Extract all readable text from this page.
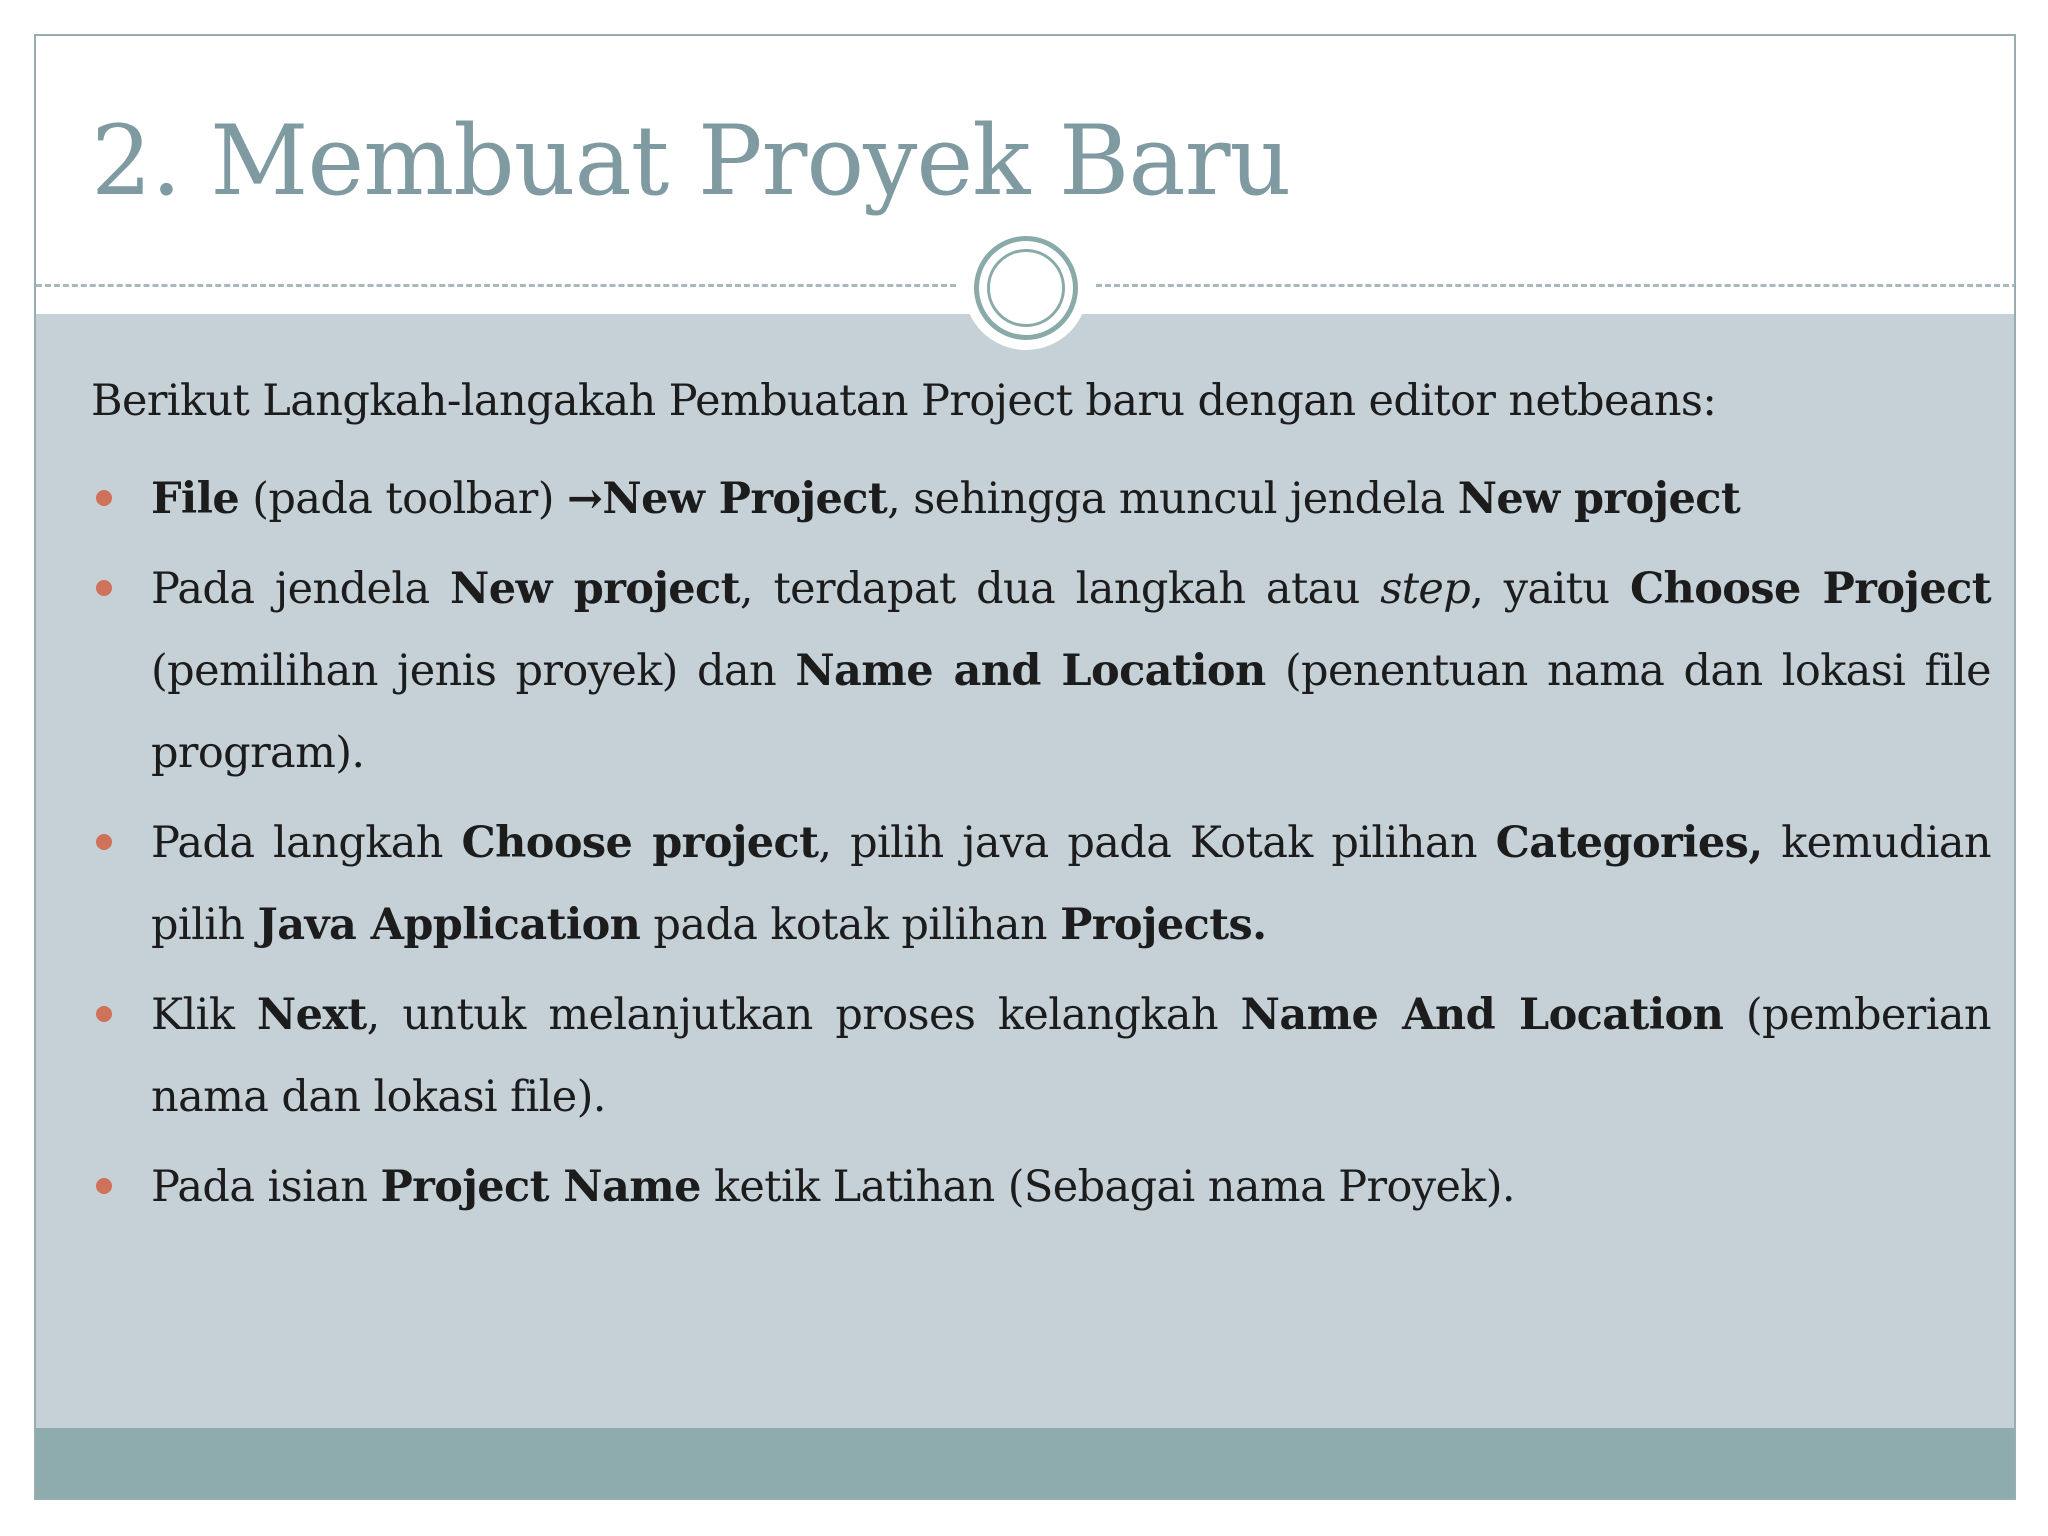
2. Membuat Proyek Baru

Berikut Langkah-langakah Pembuatan Project baru dengan editor netbeans:

File (pada toolbar) →New Project, sehingga muncul jendela New project
Pada jendela New project, terdapat dua langkah atau step, yaitu Choose Project (pemilihan jenis proyek) dan Name and Location (penentuan nama dan lokasi file program).
Pada langkah Choose project, pilih java pada Kotak pilihan Categories, kemudian pilih Java Application pada kotak pilihan Projects.
Klik Next, untuk melanjutkan proses kelangkah Name And Location (pemberian nama dan lokasi file).
Pada isian Project Name ketik Latihan (Sebagai nama Proyek).
